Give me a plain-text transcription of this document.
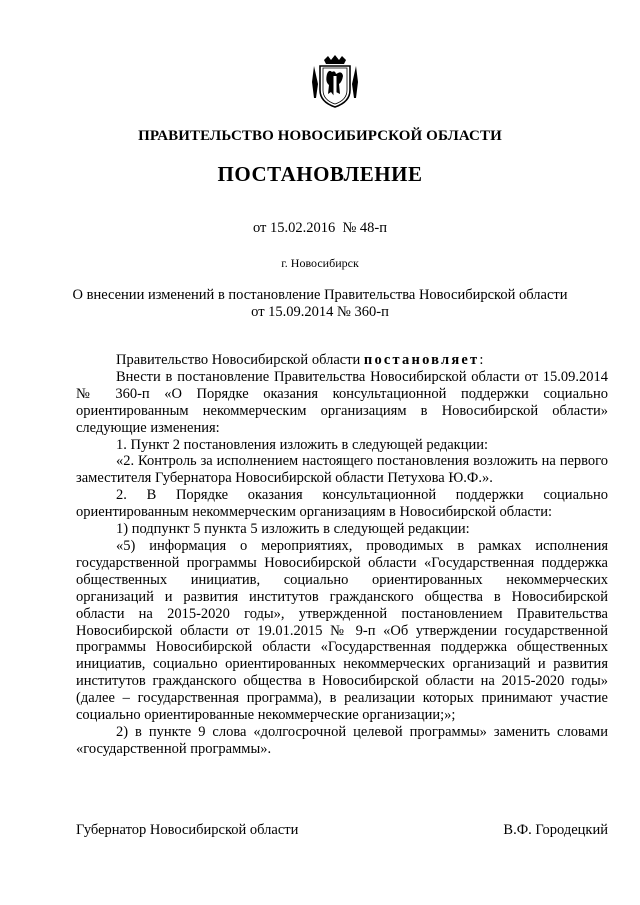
ПРАВИТЕЛЬСТВО НОВОСИБИРСКОЙ ОБЛАСТИ
ПОСТАНОВЛЕНИЕ
от 15.02.2016  № 48-п
г. Новосибирск
О внесении изменений в постановление Правительства Новосибирской области
от 15.09.2014 № 360-п

Правительство Новосибирской области постановляет:

Внести в постановление Правительства Новосибирской области от 15.09.2014 № 360-п «О Порядке оказания консультационной поддержки социально ориентированным некоммерческим организациям в Новосибирской области» следующие изменения:

1. Пункт 2 постановления изложить в следующей редакции:

«2. Контроль за исполнением настоящего постановления возложить на первого заместителя Губернатора Новосибирской области Петухова Ю.Ф.».

2. В Порядке оказания консультационной поддержки социально ориентированным некоммерческим организациям в Новосибирской области:

1) подпункт 5 пункта 5 изложить в следующей редакции:

«5) информация о мероприятиях, проводимых в рамках исполнения государственной программы Новосибирской области «Государственная поддержка общественных инициатив, социально ориентированных некоммерческих организаций и развития институтов гражданского общества в Новосибирской области на 2015-2020 годы», утвержденной постановлением Правительства Новосибирской области от 19.01.2015 № 9-п «Об утверждении государственной программы Новосибирской области «Государственная поддержка общественных инициатив, социально ориентированных некоммерческих организаций и развития институтов гражданского общества в Новосибирской области на 2015-2020 годы» (далее – государственная программа), в реализации которых принимают участие социально ориентированные некоммерческие организации;»;

2) в пункте 9 слова «долгосрочной целевой программы» заменить словами «государственной программы».

Губернатор Новосибирской области	В.Ф. Городецкий
